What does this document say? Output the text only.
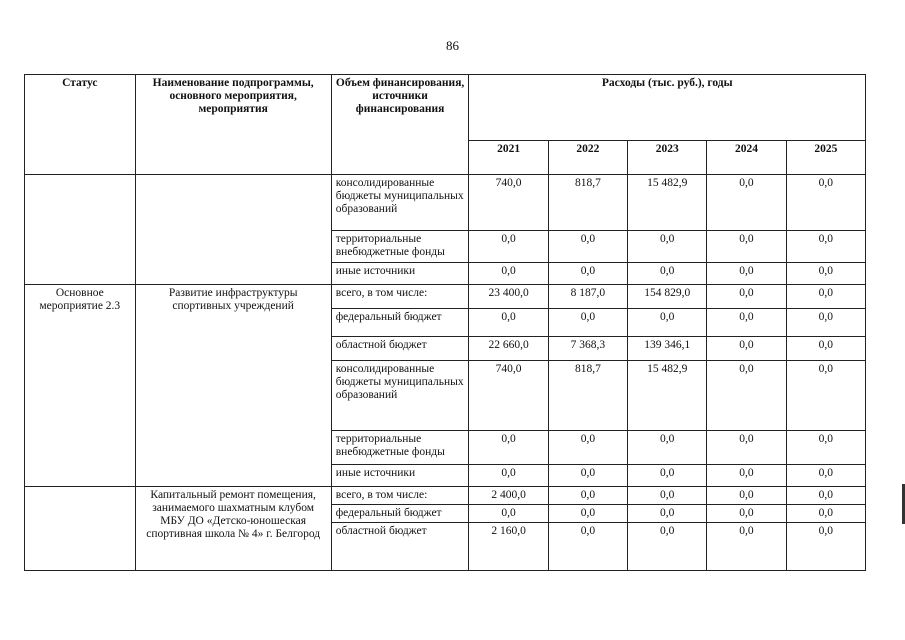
86
Статус	Наименование подпрограммы, основного мероприятия, мероприятия	Объем финансирования, источники финансирования	Расходы (тыс. руб.), годы				
			2021	2022	2023	2024	2025
		консолидированные бюджеты муниципальных образований	740,0	818,7	15 482,9	0,0	0,0
		территориальные внебюджетные фонды	0,0	0,0	0,0	0,0	0,0
		иные источники	0,0	0,0	0,0	0,0	0,0
Основное мероприятие 2.3	Развитие инфраструктуры спортивных учреждений	всего, в том числе:	23 400,0	8 187,0	154 829,0	0,0	0,0
		федеральный бюджет	0,0	0,0	0,0	0,0	0,0
		областной бюджет	22 660,0	7 368,3	139 346,1	0,0	0,0
		консолидированные бюджеты муниципальных образований	740,0	818,7	15 482,9	0,0	0,0
		территориальные внебюджетные фонды	0,0	0,0	0,0	0,0	0,0
		иные источники	0,0	0,0	0,0	0,0	0,0
	Капитальный ремонт помещения, занимаемого шахматным клубом МБУ ДО «Детско-юношеская спортивная школа № 4» г. Белгород	всего, в том числе:	2 400,0	0,0	0,0	0,0	0,0
		федеральный бюджет	0,0	0,0	0,0	0,0	0,0
		областной бюджет	2 160,0	0,0	0,0	0,0	0,0
